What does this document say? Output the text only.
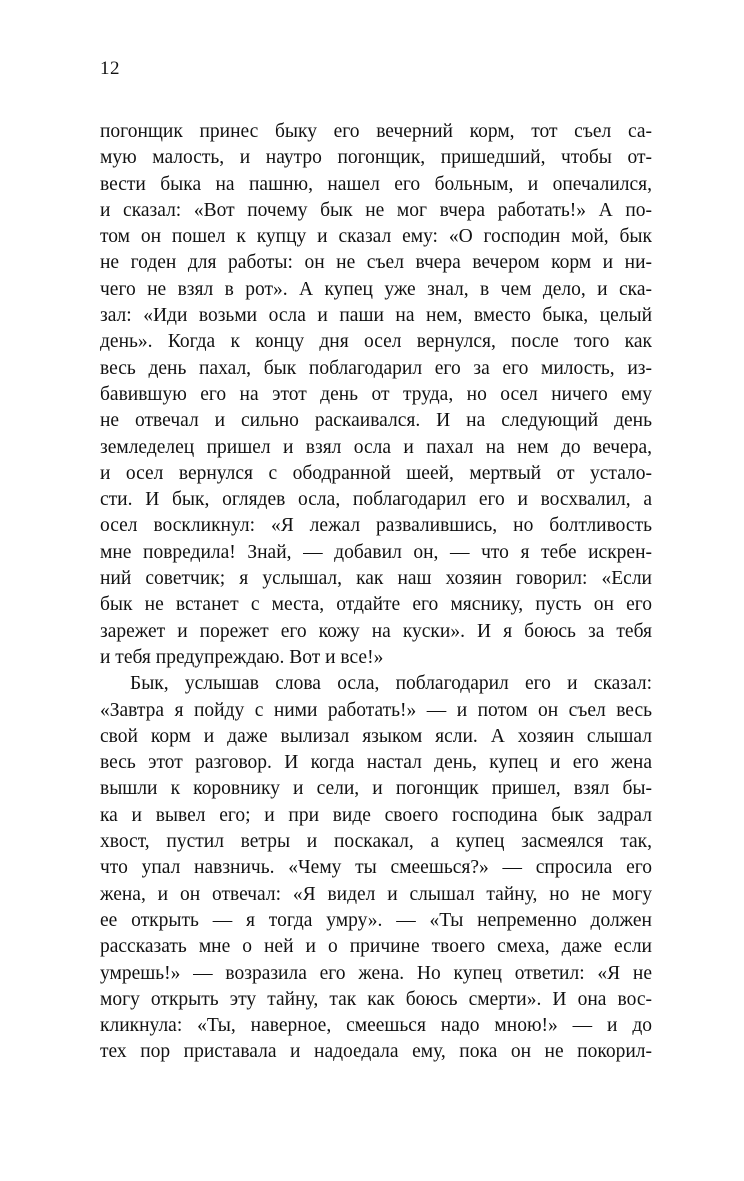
12

погонщик принес быку его вечерний корм, тот съел са-
мую малость, и наутро погонщик, пришедший, чтобы от-
вести быка на пашню, нашел его больным, и опечалился,
и сказал: «Вот почему бык не мог вчера работать!» А по-
том он пошел к купцу и сказал ему: «О господин мой, бык
не годен для работы: он не съел вчера вечером корм и ни-
чего не взял в рот». А купец уже знал, в чем дело, и ска-
зал: «Иди возьми осла и паши на нем, вместо быка, целый
день». Когда к концу дня осел вернулся, после того как
весь день пахал, бык поблагодарил его за его милость, из-
бавившую его на этот день от труда, но осел ничего ему
не отвечал и сильно раскаивался. И на следующий день
земледелец пришел и взял осла и пахал на нем до вечера,
и осел вернулся с ободранной шеей, мертвый от устало-
сти. И бык, оглядев осла, поблагодарил его и восхвалил, а
осел воскликнул: «Я лежал развалившись, но болтливость
мне повредила! Знай, — добавил он, — что я тебе искрен-
ний советчик; я услышал, как наш хозяин говорил: «Если
бык не встанет с места, отдайте его мяснику, пусть он его
зарежет и порежет его кожу на куски». И я боюсь за тебя
и тебя предупреждаю. Вот и все!»

Бык, услышав слова осла, поблагодарил его и сказал:
«Завтра я пойду с ними работать!» — и потом он съел весь
свой корм и даже вылизал языком ясли. А хозяин слышал
весь этот разговор. И когда настал день, купец и его жена
вышли к коровнику и сели, и погонщик пришел, взял бы-
ка и вывел его; и при виде своего господина бык задрал
хвост, пустил ветры и поскакал, а купец засмеялся так,
что упал навзничь. «Чему ты смеешься?» — спросила его
жена, и он отвечал: «Я видел и слышал тайну, но не могу
ее открыть — я тогда умру». — «Ты непременно должен
рассказать мне о ней и о причине твоего смеха, даже если
умрешь!» — возразила его жена. Но купец ответил: «Я не
могу открыть эту тайну, так как боюсь смерти». И она вос-
кликнула: «Ты, наверное, смеешься надо мною!» — и до
тех пор приставала и надоедала ему, пока он не покорил-
